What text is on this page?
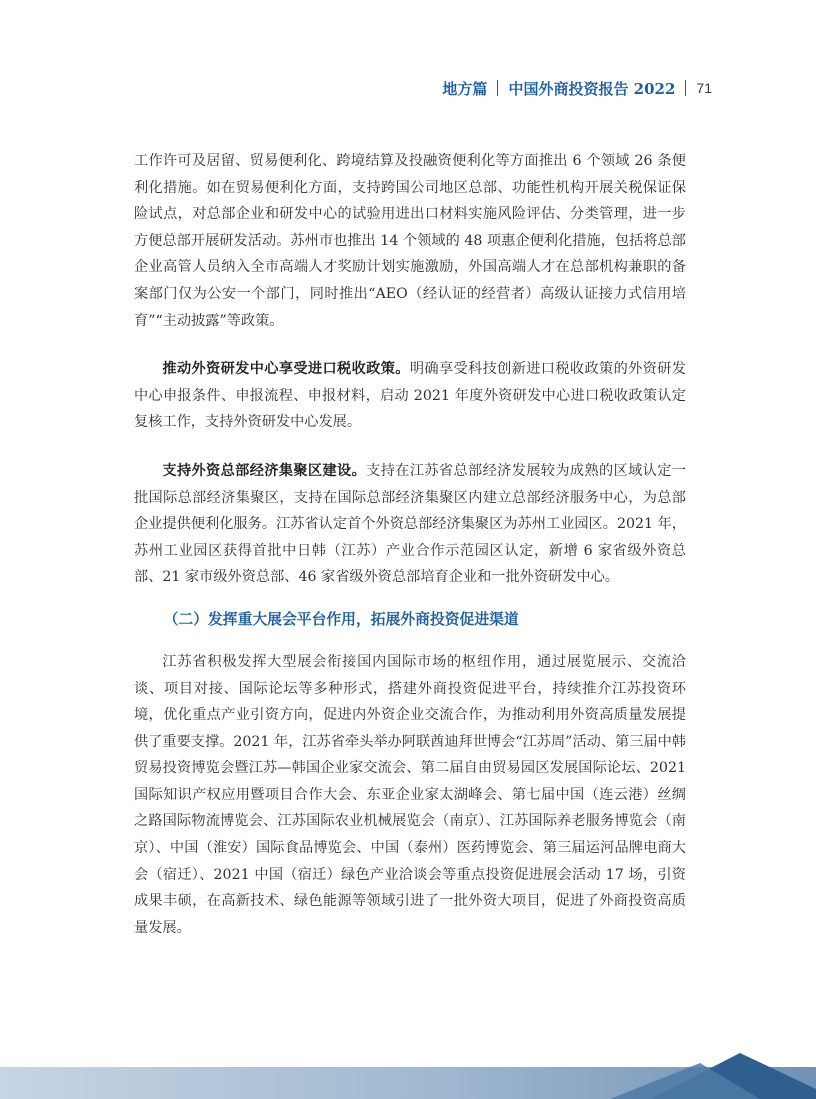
地方篇 中国外商投资报告 2022 71

工作许可及居留、贸易便利化、跨境结算及投融资便利化等方面推出 6 个领域 26 条便利化措施。如在贸易便利化方面，支持跨国公司地区总部、功能性机构开展关税保证保险试点，对总部企业和研发中心的试验用进出口材料实施风险评估、分类管理，进一步方便总部开展研发活动。苏州市也推出 14 个领域的 48 项惠企便利化措施，包括将总部企业高管人员纳入全市高端人才奖励计划实施激励，外国高端人才在总部机构兼职的备案部门仅为公安一个部门，同时推出“AEO（经认证的经营者）高级认证接力式信用培育”“主动披露”等政策。

推动外资研发中心享受进口税收政策。明确享受科技创新进口税收政策的外资研发中心申报条件、申报流程、申报材料，启动 2021 年度外资研发中心进口税收政策认定复核工作，支持外资研发中心发展。

支持外资总部经济集聚区建设。支持在江苏省总部经济发展较为成熟的区域认定一批国际总部经济集聚区，支持在国际总部经济集聚区内建立总部经济服务中心，为总部企业提供便利化服务。江苏省认定首个外资总部经济集聚区为苏州工业园区。2021 年，苏州工业园区获得首批中日韩（江苏）产业合作示范园区认定，新增 6 家省级外资总部、21 家市级外资总部、46 家省级外资总部培育企业和一批外资研发中心。

（二）发挥重大展会平台作用，拓展外商投资促进渠道

江苏省积极发挥大型展会衔接国内国际市场的枢纽作用，通过展览展示、交流洽谈、项目对接、国际论坛等多种形式，搭建外商投资促进平台，持续推介江苏投资环境，优化重点产业引资方向，促进内外资企业交流合作，为推动利用外资高质量发展提供了重要支撑。2021 年，江苏省牵头举办阿联酋迪拜世博会“江苏周”活动、第三届中韩贸易投资博览会暨江苏—韩国企业家交流会、第二届自由贸易园区发展国际论坛、2021 国际知识产权应用暨项目合作大会、东亚企业家太湖峰会、第七届中国（连云港）丝绸之路国际物流博览会、江苏国际农业机械展览会（南京）、江苏国际养老服务博览会（南京）、中国（淮安）国际食品博览会、中国（泰州）医药博览会、第三届运河品牌电商大会（宿迁）、2021 中国（宿迁）绿色产业洽谈会等重点投资促进展会活动 17 场，引资成果丰硕，在高新技术、绿色能源等领域引进了一批外资大项目，促进了外商投资高质量发展。
